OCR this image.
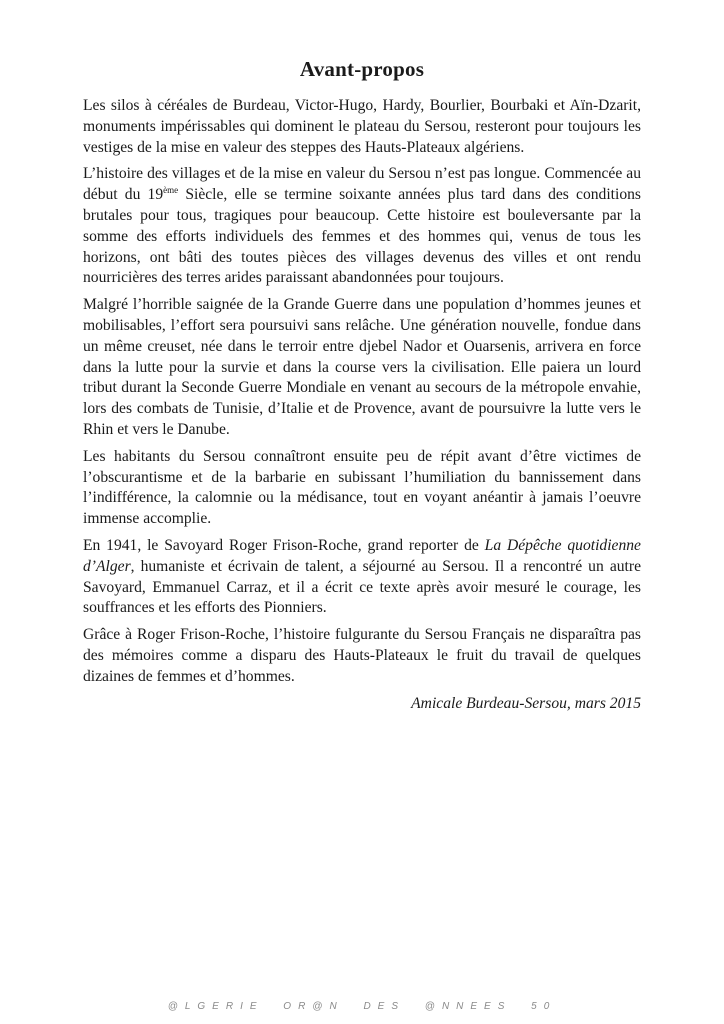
Avant-propos

Les silos à céréales de Burdeau, Victor-Hugo, Hardy, Bourlier, Bourbaki et Aïn-Dzarit, monuments impérissables qui dominent le plateau du Sersou, resteront pour toujours les vestiges de la mise en valeur des steppes des Hauts-Plateaux algériens.

L’histoire des villages et de la mise en valeur du Sersou n’est pas longue. Commencée au début du 19ème Siècle, elle se termine soixante années plus tard dans des conditions brutales pour tous, tragiques pour beaucoup. Cette histoire est bouleversante par la somme des efforts individuels des femmes et des hommes qui, venus de tous les horizons, ont bâti des toutes pièces des villages devenus des villes et ont rendu nourricières des terres arides paraissant abandonnées pour toujours.

Malgré l’horrible saignée de la Grande Guerre dans une population d’hommes jeunes et mobilisables, l’effort sera poursuivi sans relâche. Une génération nouvelle, fondue dans un même creuset, née dans le terroir entre djebel Nador et Ouarsenis, arrivera en force dans la lutte pour la survie et dans la course vers la civilisation. Elle paiera un lourd tribut durant la Seconde Guerre Mondiale en venant au secours de la métropole envahie, lors des combats de Tunisie, d’Italie et de Provence, avant de poursuivre la lutte vers le Rhin et vers le Danube.

Les habitants du Sersou connaîtront ensuite peu de répit avant d’être victimes de l’obscurantisme et de la barbarie en subissant l’humiliation du bannissement dans l’indifférence, la calomnie ou la médisance, tout en voyant anéantir à jamais l’oeuvre immense accomplie.

En 1941, le Savoyard Roger Frison-Roche, grand reporter de La Dépêche quotidienne d’Alger, humaniste et écrivain de talent, a séjourné au Sersou. Il a rencontré un autre Savoyard, Emmanuel Carraz, et il a écrit ce texte après avoir mesuré le courage, les souffrances et les efforts des Pionniers.

Grâce à Roger Frison-Roche, l’histoire fulgurante du Sersou Français ne disparaîtra pas des mémoires comme a disparu des Hauts-Plateaux le fruit du travail de quelques dizaines de femmes et d’hommes.

Amicale Burdeau-Sersou, mars 2015

@LGERIE OR@N DES @NNEES 50
